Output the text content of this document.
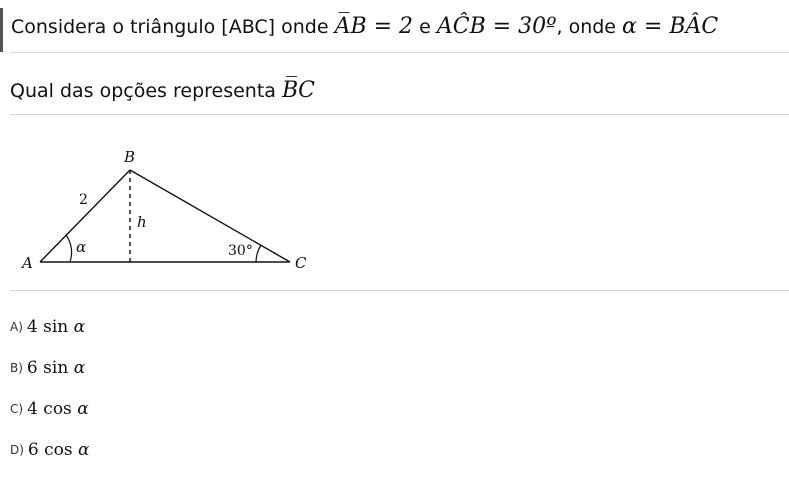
Considera o triângulo [ABC] onde A̅B = 2 e AĈB = 30º, onde α = BÂC
Qual das opções representa B̅C
A
B
C
h
α
2
30°
A) 4 sin α
B) 6 sin α
C) 4 cos α
D) 6 cos α
